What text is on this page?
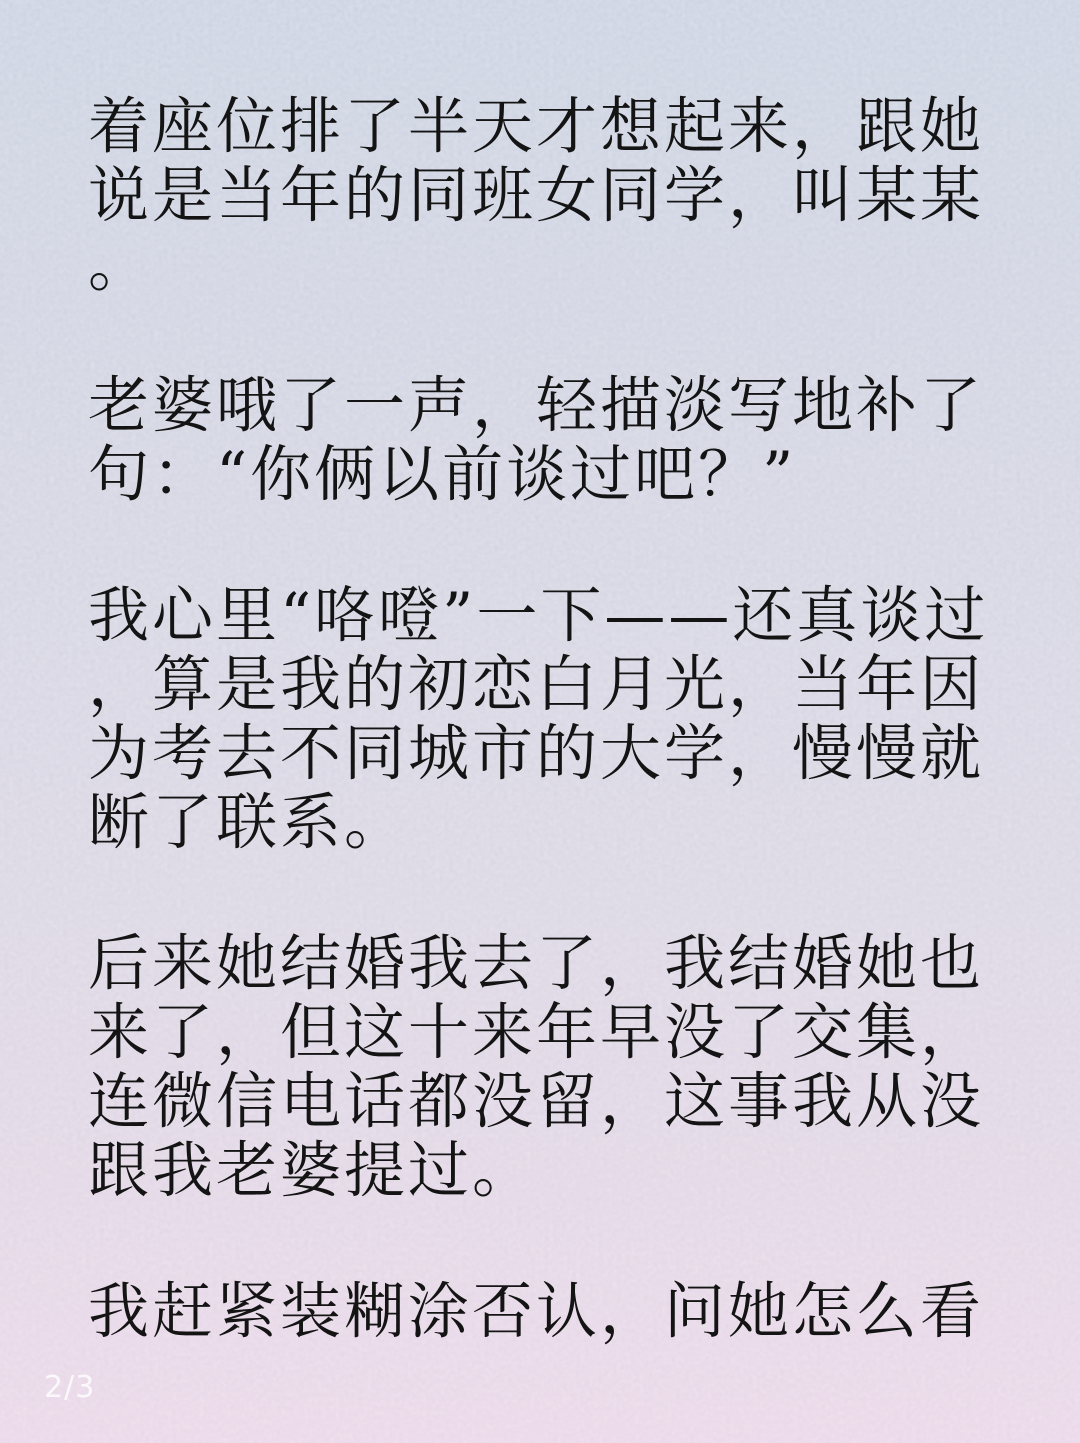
着座位排了半天才想起来，跟她说是当年的同班女同学，叫某某。

老婆哦了一声，轻描淡写地补了句：“你俩以前谈过吧？”

我心里“咯噔”一下——还真谈过，算是我的初恋白月光，当年因为考去不同城市的大学，慢慢就断了联系。

后来她结婚我去了，我结婚她也来了，但这十来年早没了交集，连微信电话都没留，这事我从没跟我老婆提过。

我赶紧装糊涂否认，问她怎么看

2/3
